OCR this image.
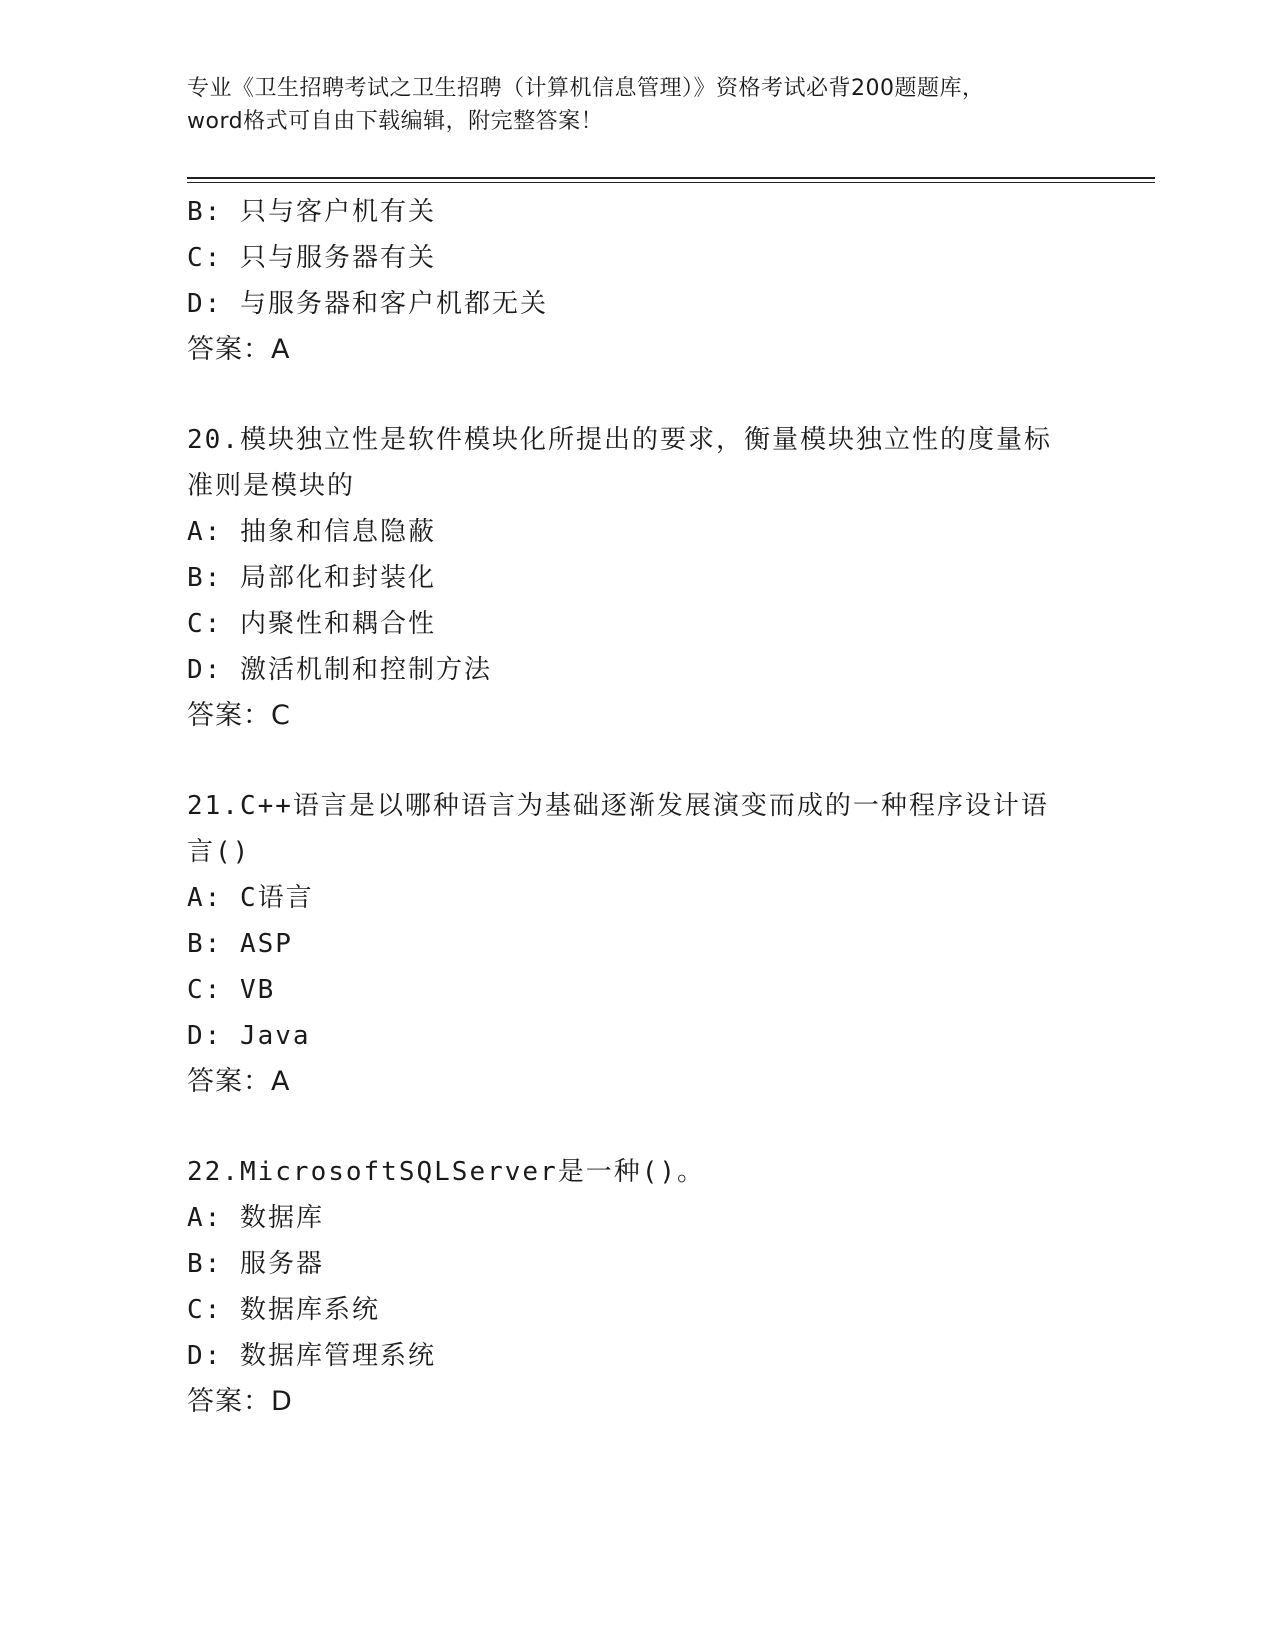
专业《卫生招聘考试之卫生招聘（计算机信息管理）》资格考试必背200题题库，
word格式可自由下载编辑，附完整答案！
B: 只与客户机有关
C: 只与服务器有关
D: 与服务器和客户机都无关
答案：A
20.模块独立性是软件模块化所提出的要求，衡量模块独立性的度量标
准则是模块的
A: 抽象和信息隐蔽
B: 局部化和封装化
C: 内聚性和耦合性
D: 激活机制和控制方法
答案：C
21.C++语言是以哪种语言为基础逐渐发展演变而成的一种程序设计语
言()
A: C语言
B: ASP
C: VB
D: Java
答案：A
22.MicrosoftSQLServer是一种()。
A: 数据库
B: 服务器
C: 数据库系统
D: 数据库管理系统
答案：D
